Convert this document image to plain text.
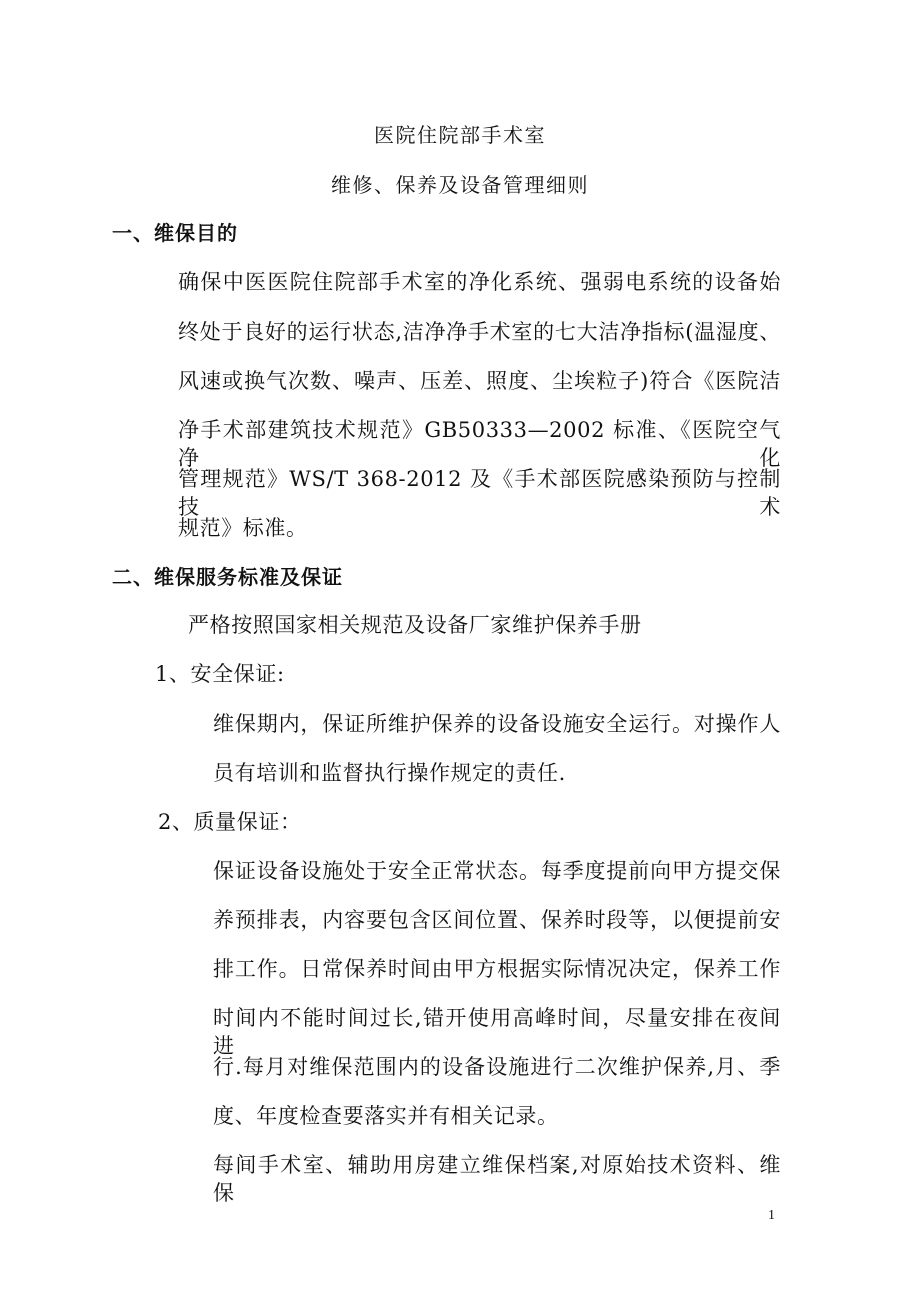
医院住院部手术室
维修、保养及设备管理细则
一、维保目的
确保中医医院住院部手术室的净化系统、强弱电系统的设备始
终处于良好的运行状态,洁净净手术室的七大洁净指标(温湿度、
风速或换气次数、噪声、压差、照度、尘埃粒子)符合《医院洁
净手术部建筑技术规范》GB50333—2002 标准、《医院空气净化
管理规范》WS/T 368-2012 及《手术部医院感染预防与控制技术
规范》标准。
二、维保服务标准及保证
严格按照国家相关规范及设备厂家维护保养手册
1、安全保证:
维保期内，保证所维护保养的设备设施安全运行。对操作人
员有培训和监督执行操作规定的责任.
2、质量保证：
保证设备设施处于安全正常状态。每季度提前向甲方提交保
养预排表，内容要包含区间位置、保养时段等，以便提前安
排工作。日常保养时间由甲方根据实际情况决定，保养工作
时间内不能时间过长,错开使用高峰时间，尽量安排在夜间进
行.每月对维保范围内的设备设施进行二次维护保养,月、季
度、年度检查要落实并有相关记录。
每间手术室、辅助用房建立维保档案,对原始技术资料、维保
1
